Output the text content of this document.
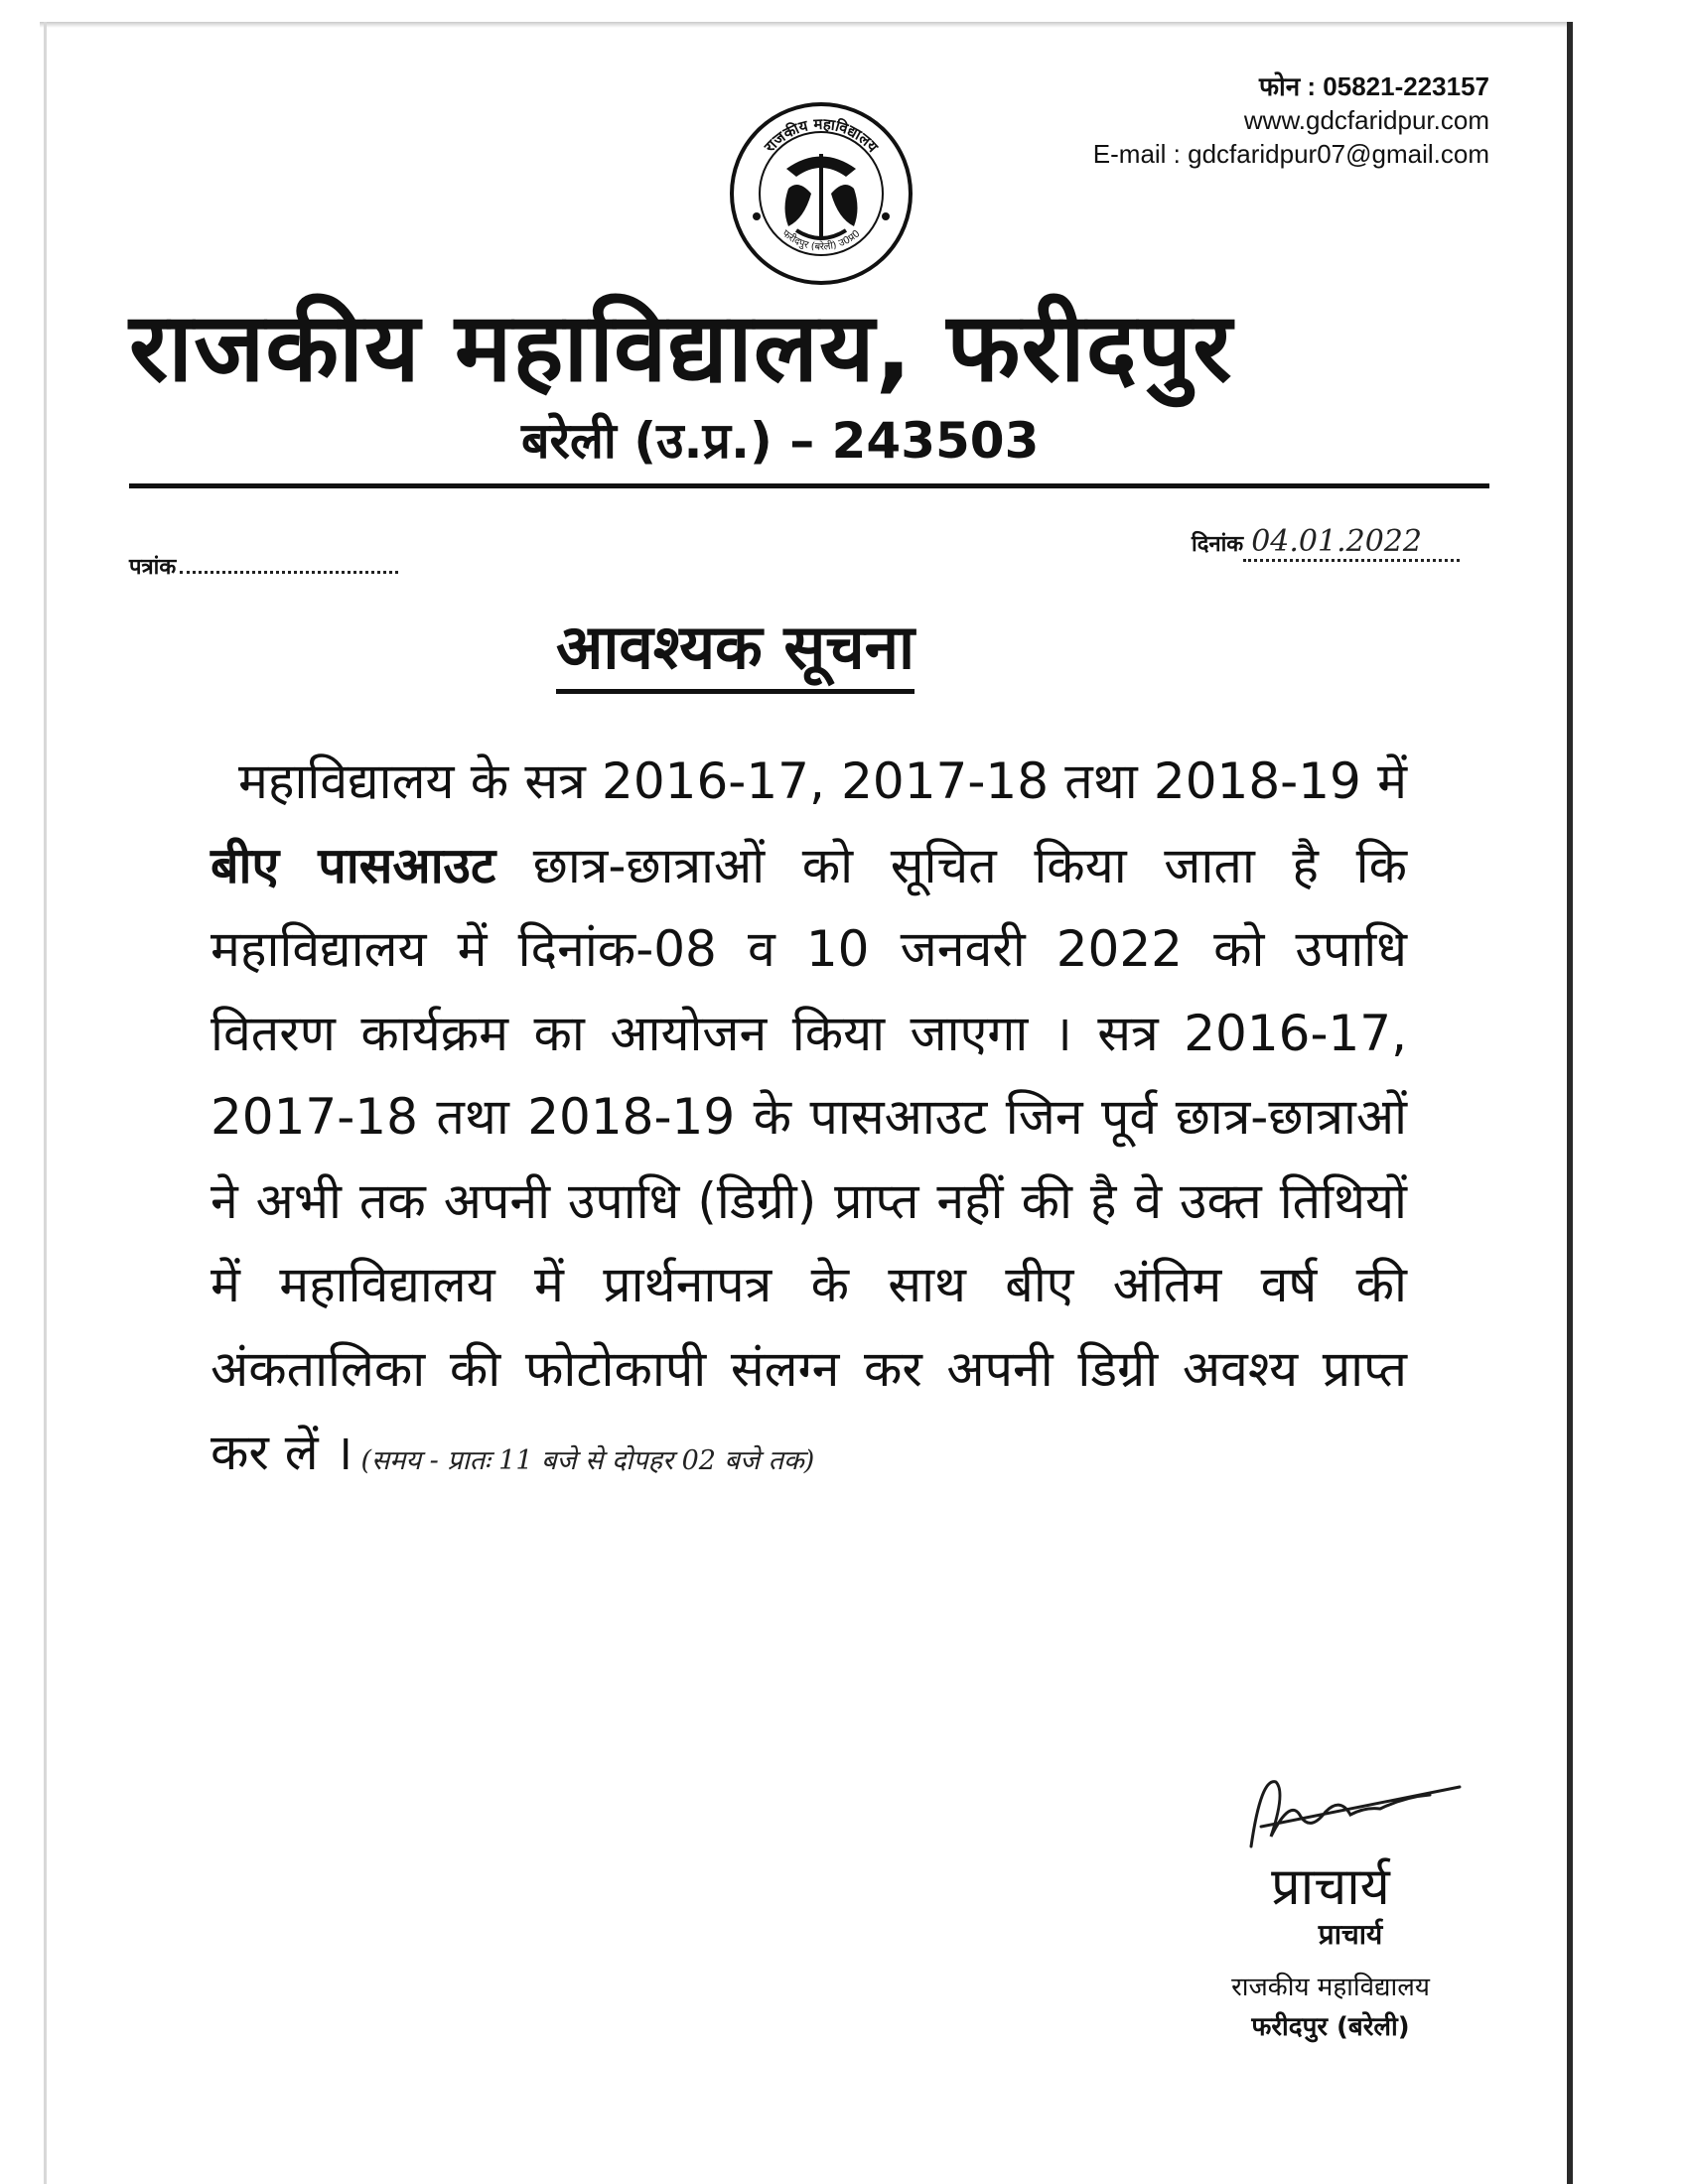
फोन : 05821-223157
www.gdcfaridpur.com
E-mail : gdcfaridpur07@gmail.com
राजकीय महाविद्यालय
फरीदपुर (बरेली) उ0प्र0
राजकीय महाविद्यालय, फरीदपुर
बरेली (उ.प्र.) – 243503
पत्रांक
दिनांक 04.01.2022
आवश्यक सूचना
महाविद्यालय के सत्र 2016-17, 2017-18 तथा 2018-19 में बीए पासआउट छात्र-छात्राओं को सूचित किया जाता है कि महाविद्यालय में दिनांक-08 व 10 जनवरी 2022 को उपाधि वितरण कार्यक्रम का आयोजन किया जाएगा । सत्र 2016-17, 2017-18 तथा 2018-19 के पासआउट जिन पूर्व छात्र-छात्राओं ने अभी तक अपनी उपाधि (डिग्री) प्राप्त नहीं की है वे उक्त तिथियों में महाविद्यालय में प्रार्थनापत्र के साथ बीए अंतिम वर्ष की अंकतालिका की फोटोकापी संलग्न कर अपनी डिग्री अवश्य प्राप्त कर लें । (समय - प्रातः 11 बजे से दोपहर 02 बजे तक)
प्राचार्य
प्राचार्य
राजकीय महाविद्यालय
फरीदपुर (बरेली)
